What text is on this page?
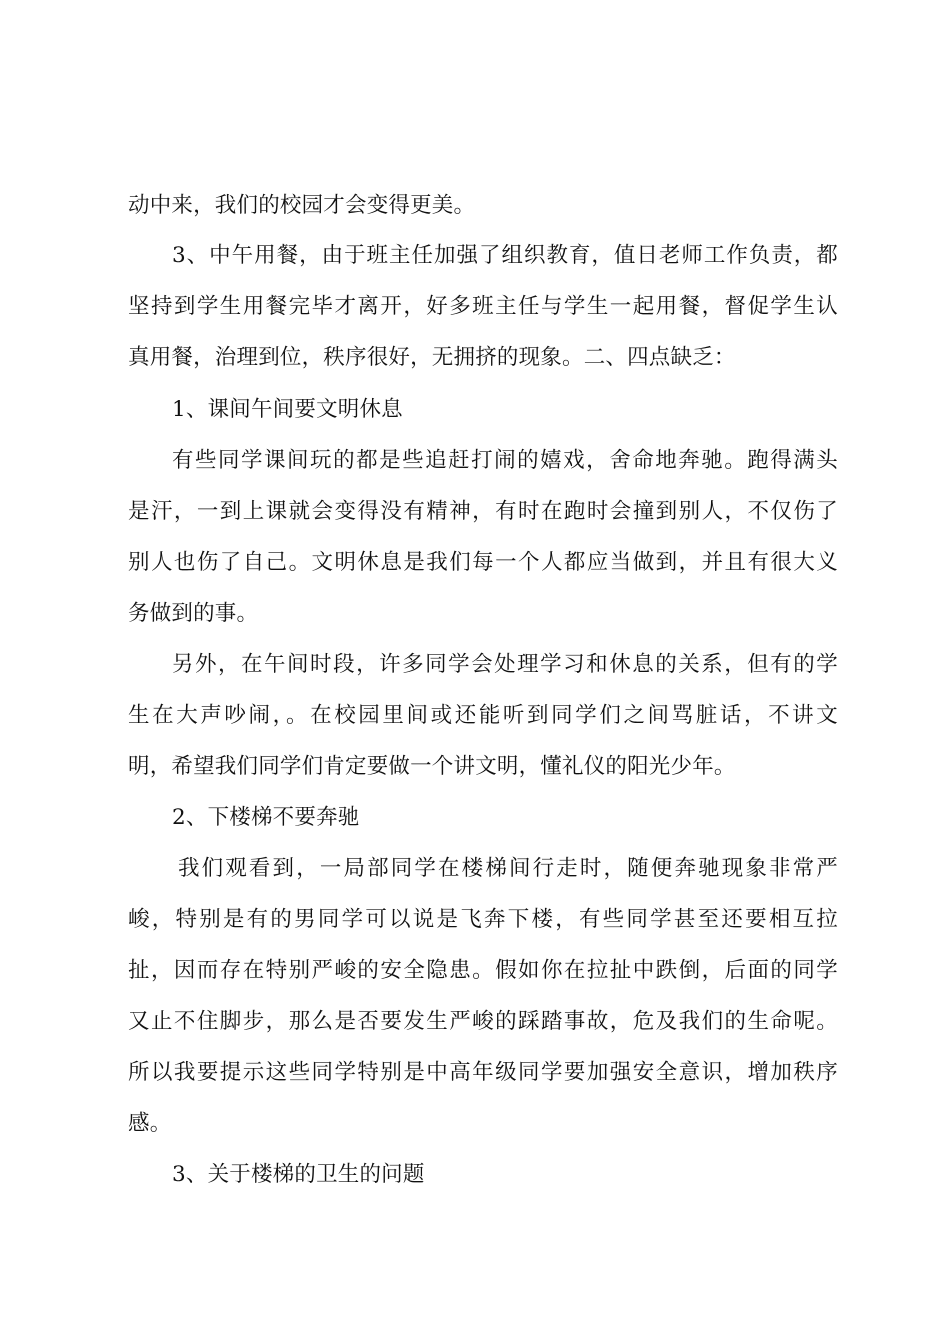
动中来，我们的校园才会变得更美。
3、中午用餐，由于班主任加强了组织教育，值日老师工作负责，都
坚持到学生用餐完毕才离开，好多班主任与学生一起用餐，督促学生认
真用餐，治理到位，秩序很好，无拥挤的现象。二、四点缺乏：
1、课间午间要文明休息
有些同学课间玩的都是些追赶打闹的嬉戏，舍命地奔驰。跑得满头
是汗，一到上课就会变得没有精神，有时在跑时会撞到别人，不仅伤了
别人也伤了自己。文明休息是我们每一个人都应当做到，并且有很大义
务做到的事。
另外，在午间时段，许多同学会处理学习和休息的关系，但有的学
生在大声吵闹，。在校园里间或还能听到同学们之间骂脏话，不讲文
明，希望我们同学们肯定要做一个讲文明，懂礼仪的阳光少年。
2、下楼梯不要奔驰
我们观看到，一局部同学在楼梯间行走时，随便奔驰现象非常严
峻，特别是有的男同学可以说是飞奔下楼，有些同学甚至还要相互拉
扯，因而存在特别严峻的安全隐患。假如你在拉扯中跌倒，后面的同学
又止不住脚步，那么是否要发生严峻的踩踏事故，危及我们的生命呢。
所以我要提示这些同学特别是中高年级同学要加强安全意识，增加秩序
感。
3、关于楼梯的卫生的问题
